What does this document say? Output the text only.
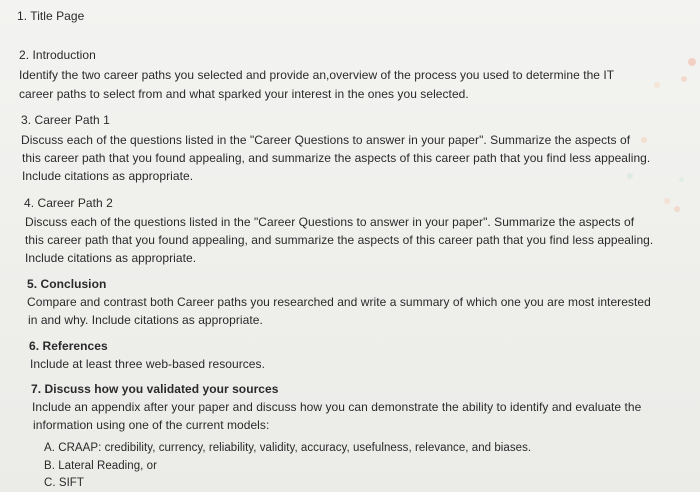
1. Title Page
2. Introduction
Identify the two career paths you selected and provide an,overview of the process you used to determine the IT
career paths to select from and what sparked your interest in the ones you selected.
3. Career Path 1
Discuss each of the questions listed in the "Career Questions to answer in your paper". Summarize the aspects of
this career path that you found appealing, and summarize the aspects of this career path that you find less appealing.
Include citations as appropriate.
4. Career Path 2
Discuss each of the questions listed in the "Career Questions to answer in your paper". Summarize the aspects of
this career path that you found appealing, and summarize the aspects of this career path that you find less appealing.
Include citations as appropriate.
5. Conclusion
Compare and contrast both Career paths you researched and write a summary of which one you are most interested
in and why. Include citations as appropriate.
6. References
Include at least three web-based resources.
7. Discuss how you validated your sources
Include an appendix after your paper and discuss how you can demonstrate the ability to identify and evaluate the
information using one of the current models:
A. CRAAP: credibility, currency, reliability, validity, accuracy, usefulness, relevance, and biases.
B. Lateral Reading, or
C. SIFT
